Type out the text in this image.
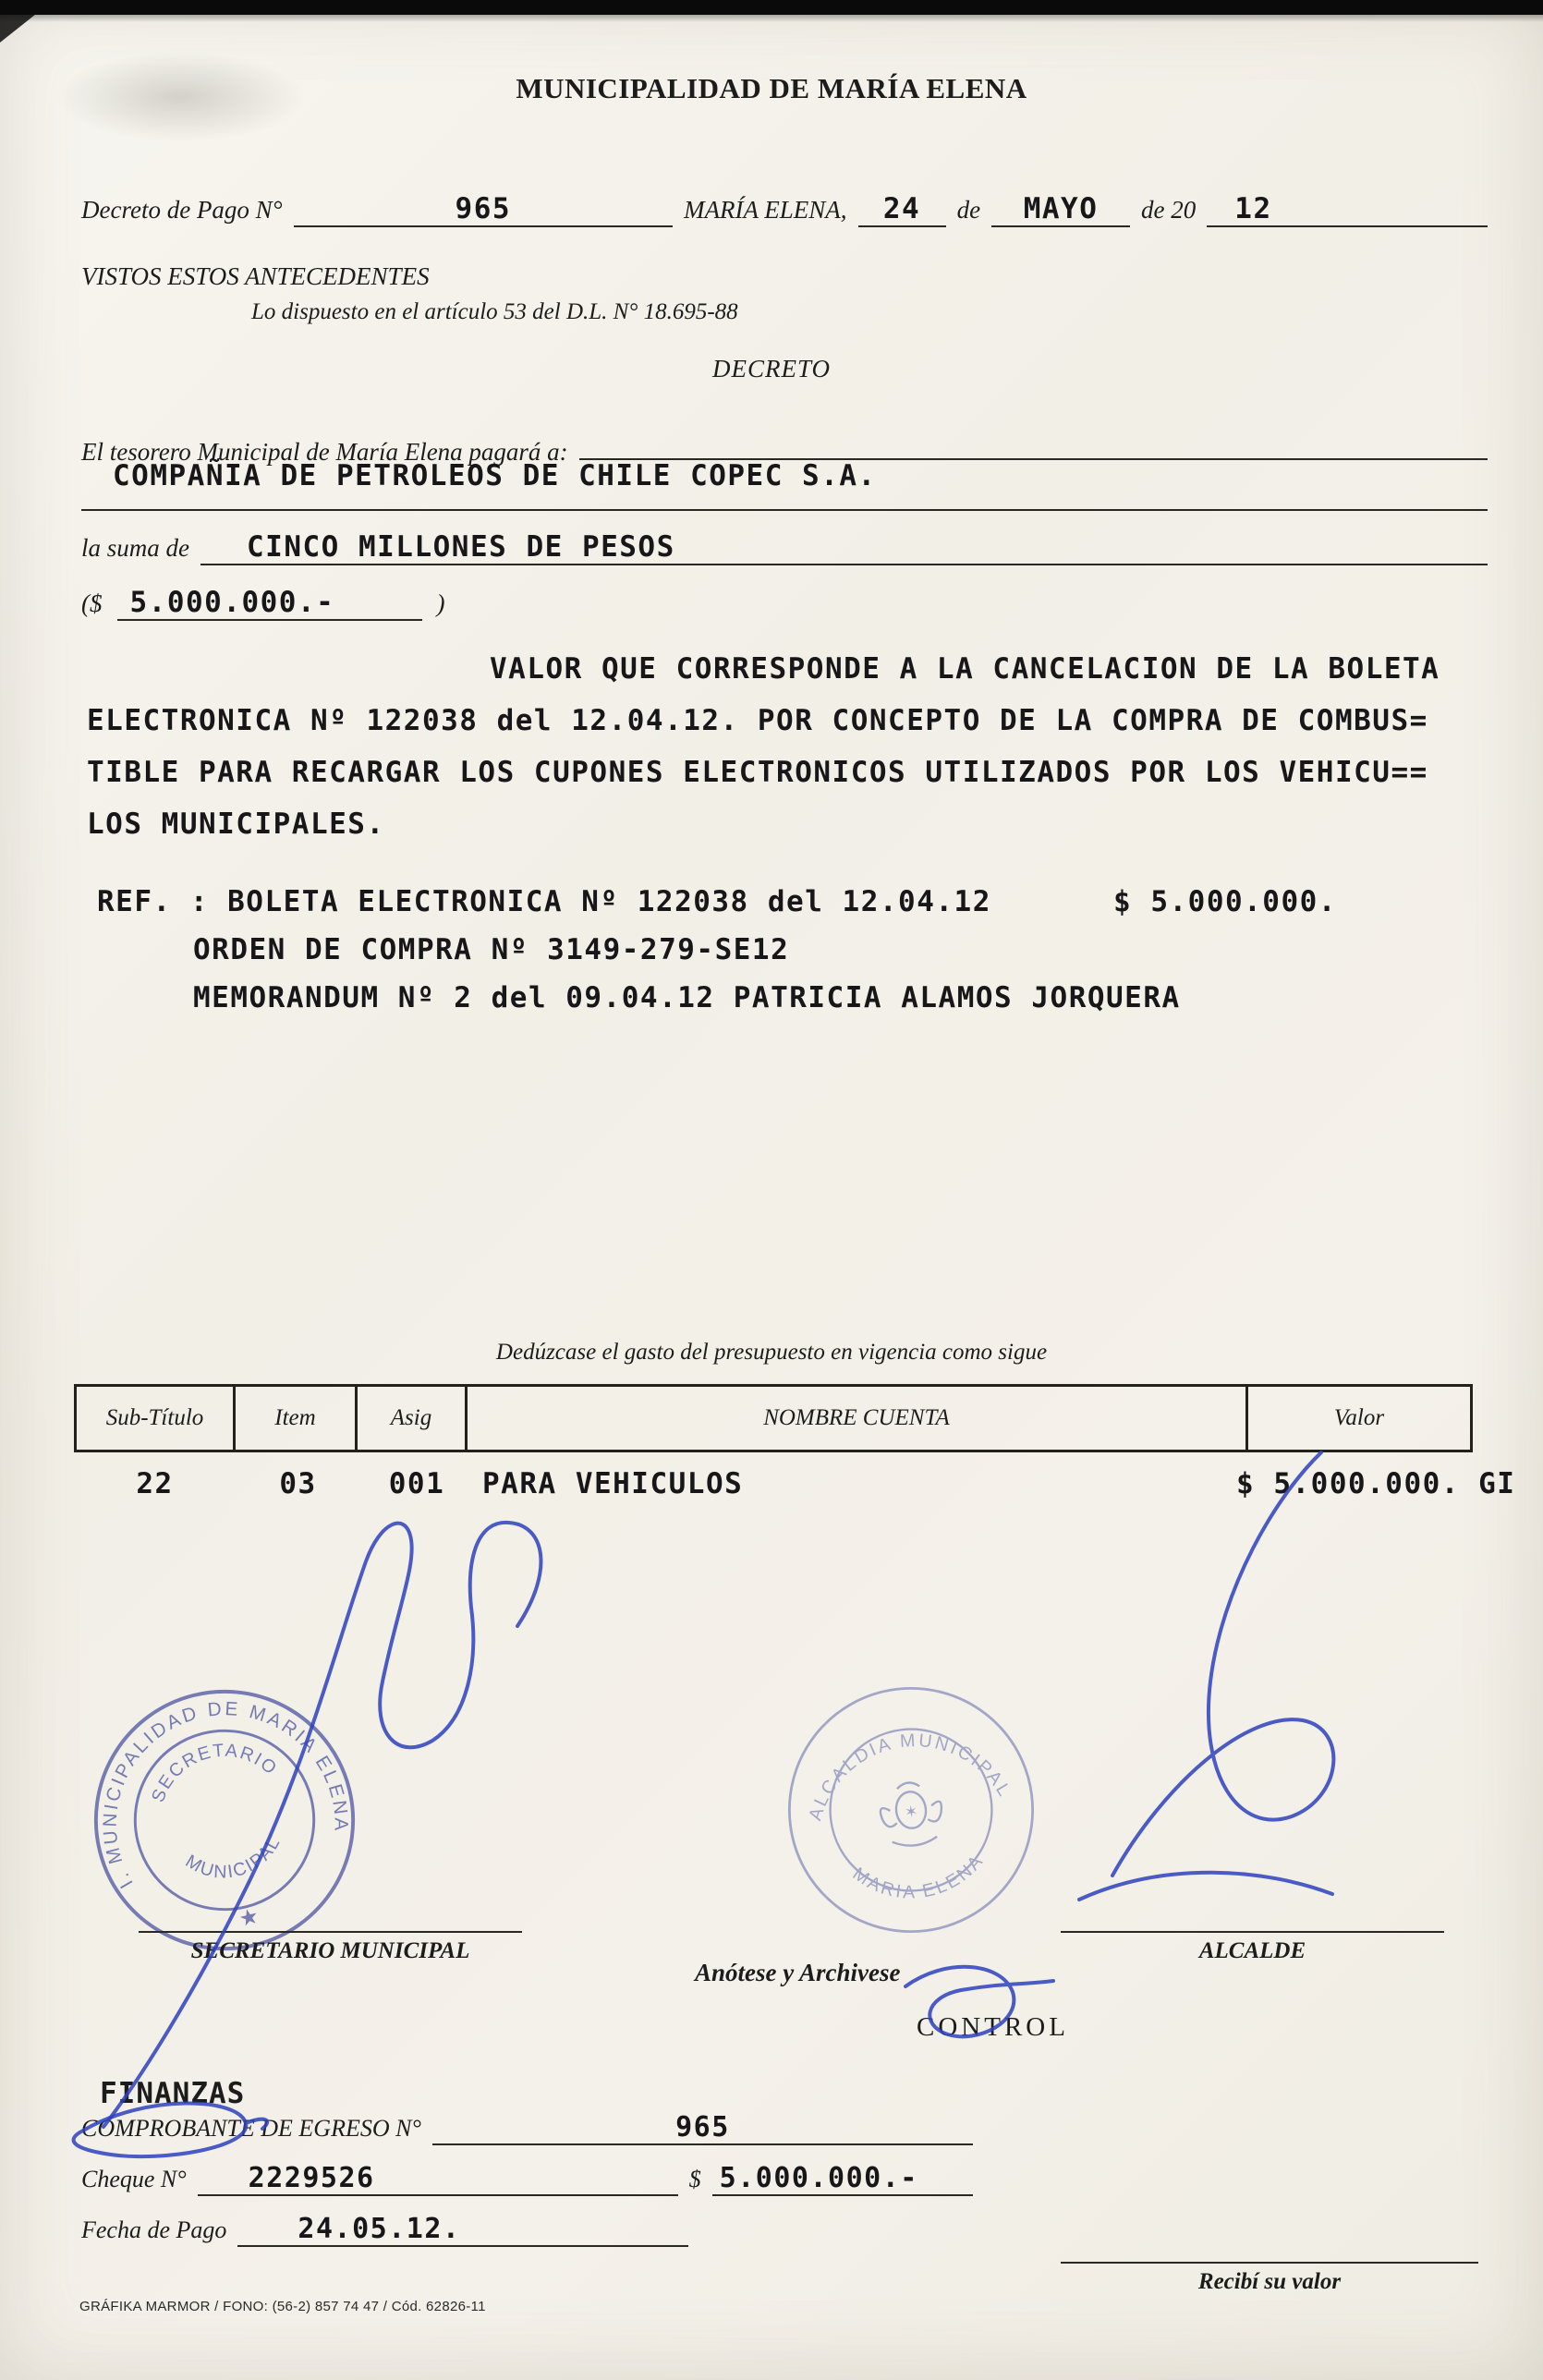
MUNICIPALIDAD DE MARÍA ELENA
Decreto de Pago N°	965	MARÍA ELENA, 24 de MAYO de 20 12
VISTOS ESTOS ANTECEDENTES
Lo dispuesto en el artículo 53 del D.L. N° 18.695-88
DECRETO
El tesorero Municipal de María Elena pagará a:
COMPAÑIA DE PETROLEOS DE CHILE COPEC S.A.
la suma de CINCO MILLONES DE PESOS
($ 5.000.000.-	)
VALOR QUE CORRESPONDE A LA CANCELACION DE LA BOLETA
ELECTRONICA Nº 122038 del 12.04.12. POR CONCEPTO DE LA COMPRA DE COMBUS=
TIBLE PARA RECARGAR LOS CUPONES ELECTRONICOS UTILIZADOS POR LOS VEHICU==
LOS MUNICIPALES.
REF. : BOLETA ELECTRONICA Nº 122038 del 12.04.12	$ 5.000.000.
ORDEN DE COMPRA Nº 3149-279-SE12
MEMORANDUM Nº 2 del 09.04.12 PATRICIA ALAMOS JORQUERA
Dedúzcase el gasto del presupuesto en vigencia como sigue
Sub-Título	Item	Asig	NOMBRE CUENTA	Valor
22	03	001 PARA VEHICULOS	$ 5.000.000. GI
I. MUNICIPALIDAD DE MARIA ELENA
SECRETARIO
MUNICIPAL
★
ALCALDIA MUNICIPAL
MARIA ELENA
✶
SECRETARIO MUNICIPAL
Anótese y Archivese
ALCALDE
CONTROL
FINANZAS
COMPROBANTE DE EGRESO N°	965
Cheque N° 2229526	$ 5.000.000.-
Fecha de Pago	24.05.12.
Recibí su valor
GRÁFIKA MARMOR / FONO: (56-2) 857 74 47 / Cód. 62826-11
